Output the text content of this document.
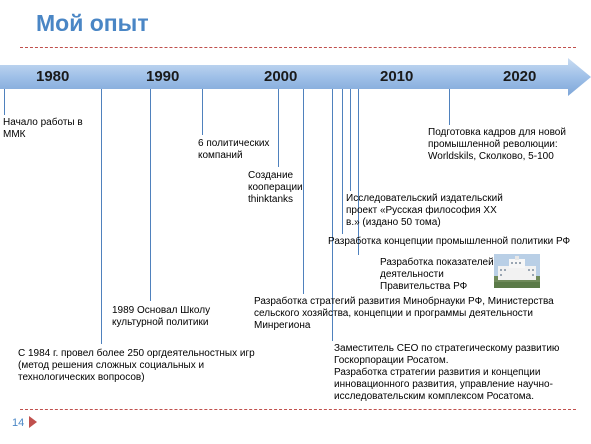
Мой опыт
1980	1990	2000	2010	2020
Начало работы в
ММК
С 1984 г. провел более 250 оргдеятельностных игр
(метод решения сложных социальных и
технологических вопросов)
1989 Основал Школу
культурной политики
6 политических
компаний
Создание
кооперации
thinktanks
Разработка стратегий развития Минобрнауки РФ, Министерства
сельского хозяйства, концепции и программы деятельности Минрегиона
Заместитель CEO по стратегическому развитию
Госкорпорации Росатом.
Разработка стратегии развития и концепции
инновационного развития, управление научно-
исследовательским комплексом Росатома.
Исследовательский издательский
проект «Русская философия ХХ
в.» (издано 50 тома)
Разработка концепции промышленной политики РФ
Разработка показателей
деятельности
Правительства РФ
Подготовка кадров для новой
промышленной революции:
Worldskils, Сколково, 5-100
14
